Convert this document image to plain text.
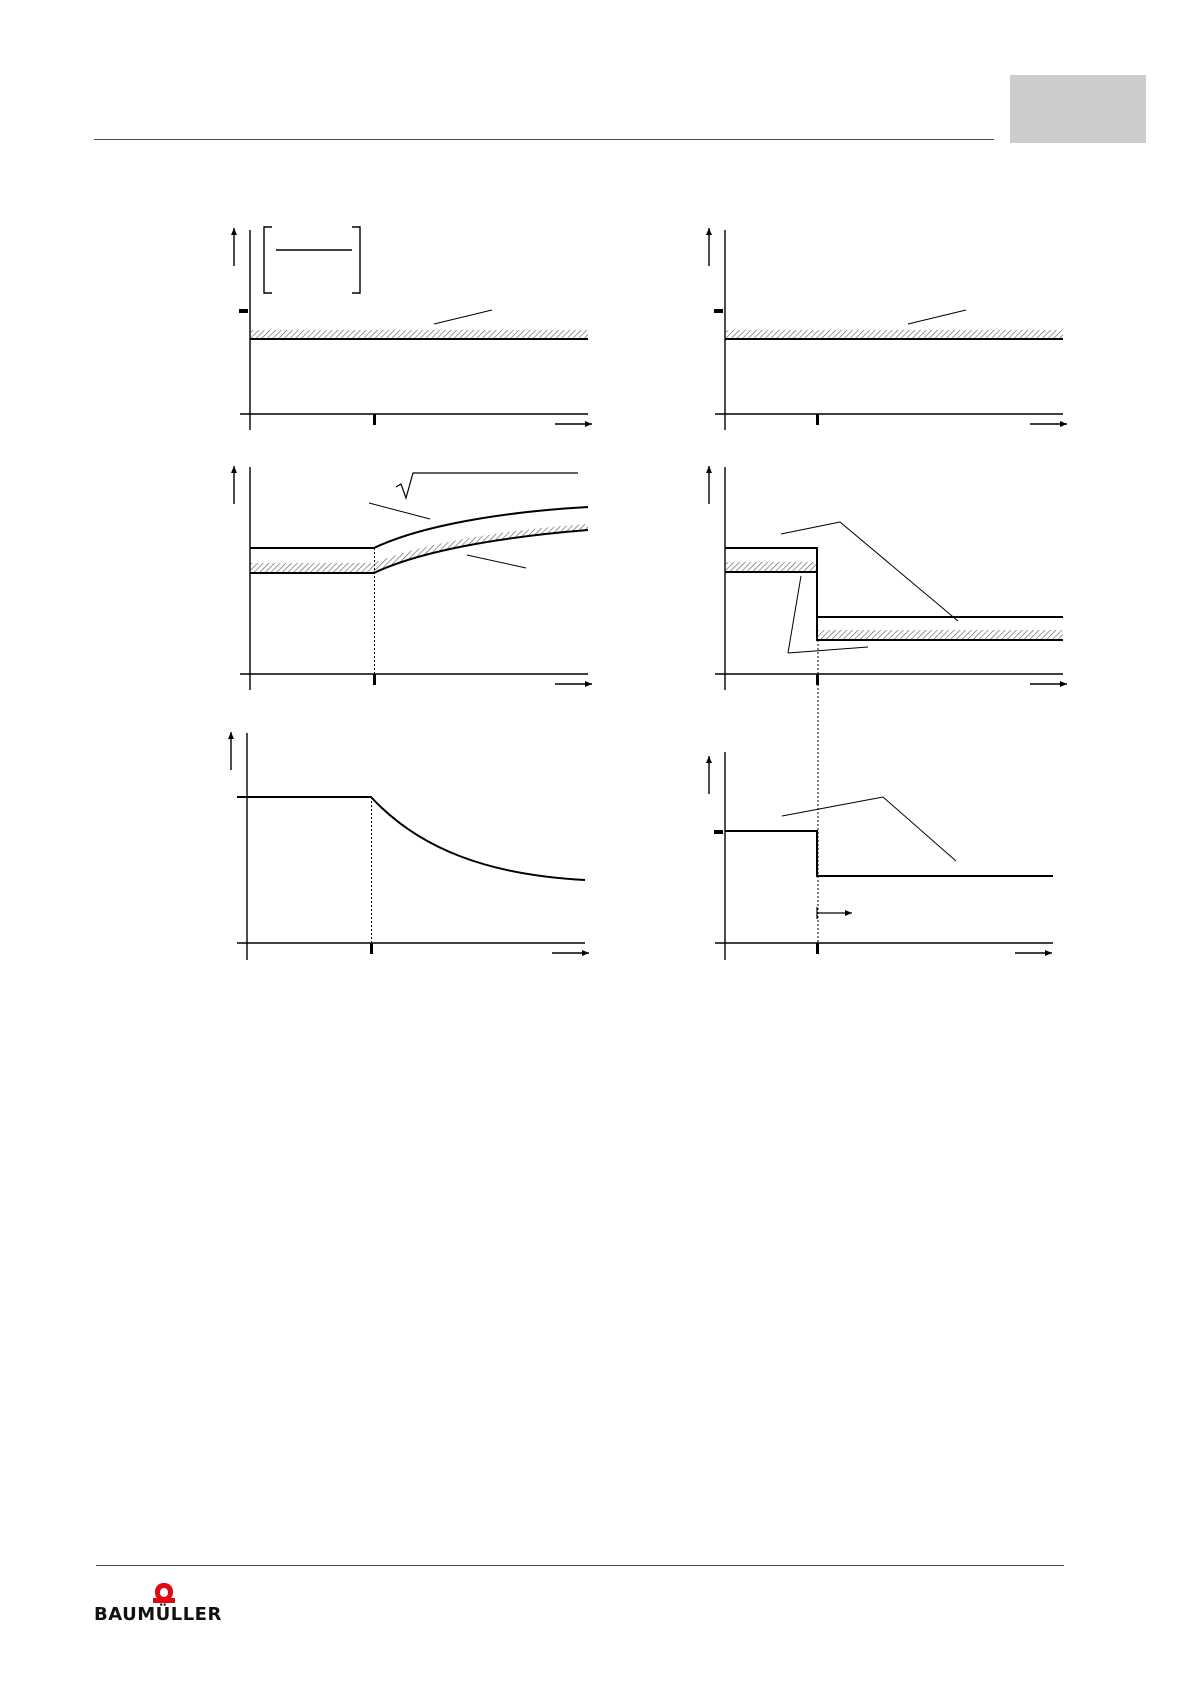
BAUMÜLLER
